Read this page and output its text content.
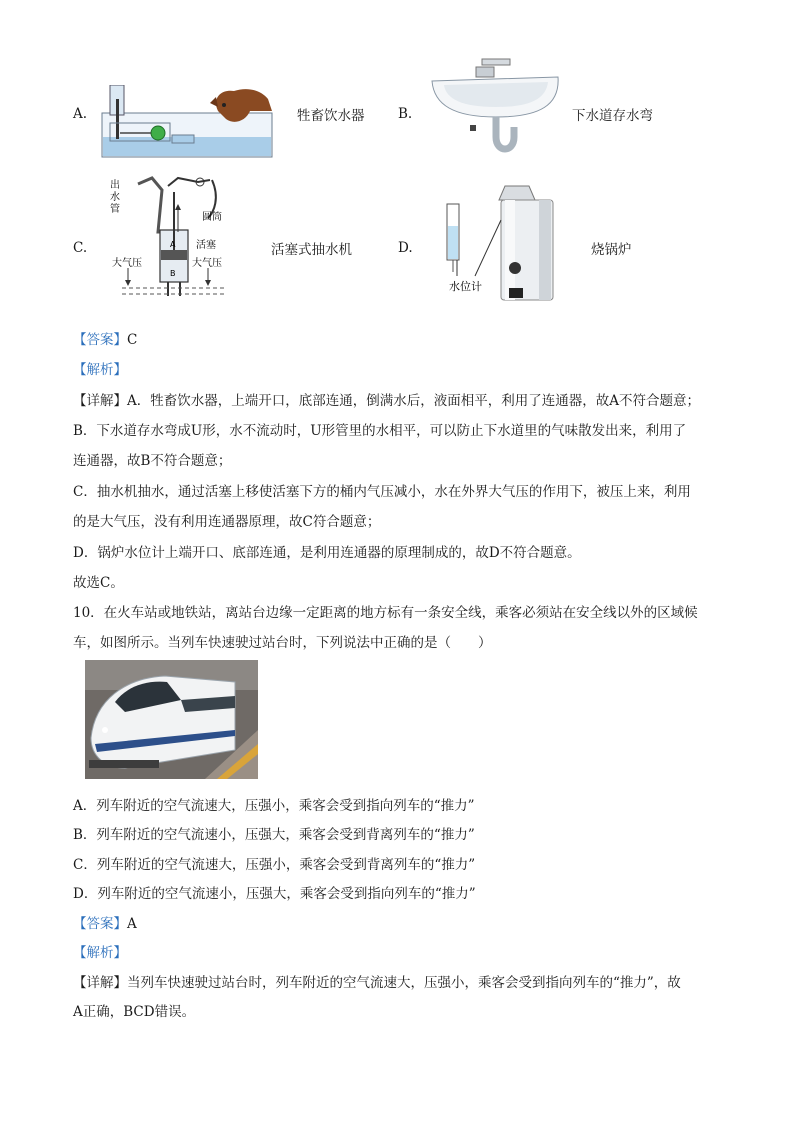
A.	牲畜饮水器 B.	下水道存水弯
C.
出
水
管
圆筒
活塞
大气压	大气压
A
B
活塞式抽水机	D.
水位计
烧锅炉
【答案】C
【解析】
【详解】A．牲畜饮水器，上端开口，底部连通，倒满水后，液面相平，利用了连通器，故A不符合题意；
B．下水道存水弯成U形，水不流动时，U形管里的水相平，可以防止下水道里的气味散发出来，利用了
连通器，故B不符合题意；
C．抽水机抽水，通过活塞上移使活塞下方的桶内气压减小，水在外界大气压的作用下，被压上来，利用
的是大气压，没有利用连通器原理，故C符合题意；
D．锅炉水位计上端开口、底部连通，是利用连通器的原理制成的，故D不符合题意。
故选C。
10．在火车站或地铁站，离站台边缘一定距离的地方标有一条安全线，乘客必须站在安全线以外的区域候
车，如图所示。当列车快速驶过站台时，下列说法中正确的是（　　）
A．列车附近的空气流速大，压强小，乘客会受到指向列车的“推力”
B．列车附近的空气流速小，压强大，乘客会受到背离列车的“推力”
C．列车附近的空气流速大，压强小，乘客会受到背离列车的“推力”
D．列车附近的空气流速小，压强大，乘客会受到指向列车的“推力”
【答案】A
【解析】
【详解】当列车快速驶过站台时，列车附近的空气流速大，压强小，乘客会受到指向列车的“推力”，故
A正确，BCD错误。
